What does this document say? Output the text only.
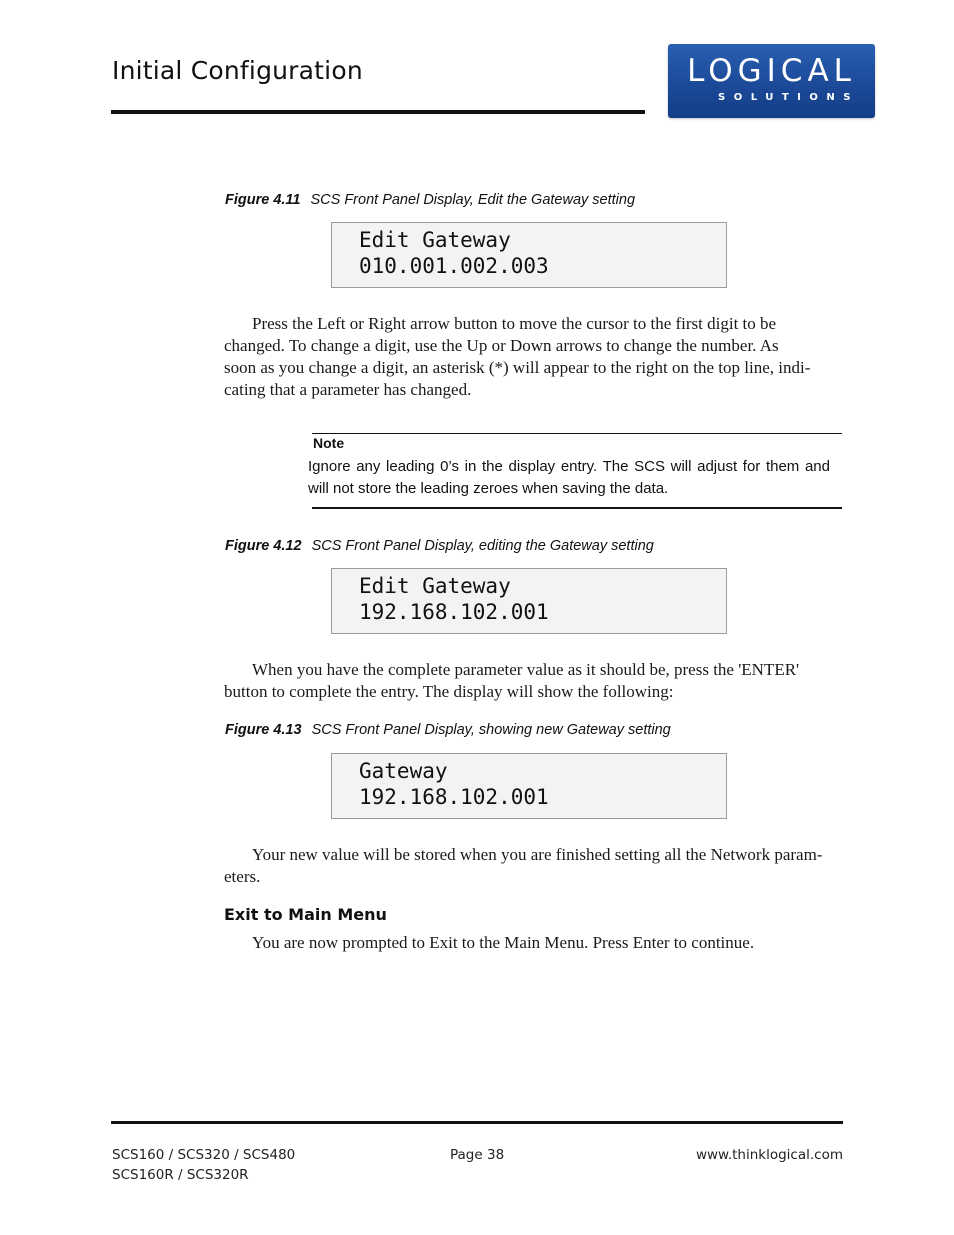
Initial Configuration	LOGICAL
SOLUTIONS
Figure 4.11 SCS Front Panel Display, Edit the Gateway setting
Edit Gateway
010.001.002.003
Press the Left or Right arrow button to move the cursor to the first digit to be
changed. To change a digit, use the Up or Down arrows to change the number. As
soon as you change a digit, an asterisk (*) will appear to the right on the top line, indi-
cating that a parameter has changed.
Note
Ignore any leading 0’s in the display entry. The SCS will adjust for them and will not store the leading zeroes when saving the data.
Figure 4.12 SCS Front Panel Display, editing the Gateway setting
Edit Gateway
192.168.102.001
When you have the complete parameter value as it should be, press the 'ENTER'
button to complete the entry. The display will show the following:
Figure 4.13 SCS Front Panel Display, showing new Gateway setting
Gateway
192.168.102.001
Your new value will be stored when you are finished setting all the Network param-
eters.
Exit to Main Menu
You are now prompted to Exit to the Main Menu. Press Enter to continue.
SCS160 / SCS320 / SCS480
SCS160R / SCS320R
Page 38	www.thinklogical.com
